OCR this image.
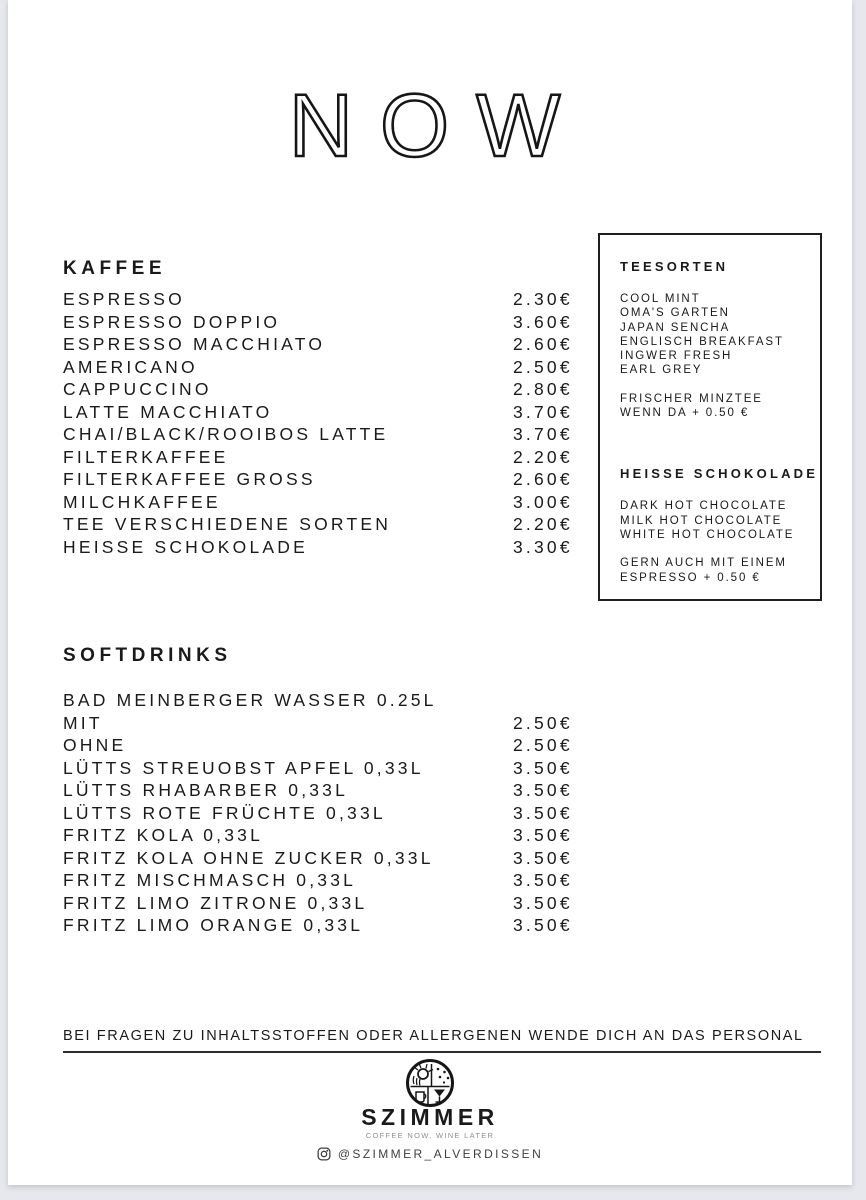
NOW
KAFFEE
ESPRESSO	2.30€
ESPRESSO DOPPIO	3.60€
ESPRESSO MACCHIATO	2.60€
AMERICANO	2.50€
CAPPUCCINO	2.80€
LATTE MACCHIATO	3.70€
CHAI/BLACK/ROOIBOS LATTE	3.70€
FILTERKAFFEE	2.20€
FILTERKAFFEE GROSS	2.60€
MILCHKAFFEE	3.00€
TEE VERSCHIEDENE SORTEN	2.20€
HEISSE SCHOKOLADE	3.30€
TEESORTEN
COOL MINT
OMA'S GARTEN
JAPAN SENCHA
ENGLISCH BREAKFAST
INGWER FRESH
EARL GREY
FRISCHER MINZTEE
WENN DA + 0.50 €
HEISSE SCHOKOLADE
DARK HOT CHOCOLATE
MILK HOT CHOCOLATE
WHITE HOT CHOCOLATE
GERN AUCH MIT EINEM
ESPRESSO + 0.50 €
SOFTDRINKS
BAD MEINBERGER WASSER 0.25L
MIT	2.50€
OHNE	2.50€
LÜTTS STREUOBST APFEL 0,33L	3.50€
LÜTTS RHABARBER 0,33L	3.50€
LÜTTS ROTE FRÜCHTE 0,33L	3.50€
FRITZ KOLA 0,33L	3.50€
FRITZ KOLA OHNE ZUCKER 0,33L	3.50€
FRITZ MISCHMASCH 0,33L	3.50€
FRITZ LIMO ZITRONE 0,33L	3.50€
FRITZ LIMO ORANGE 0,33L	3.50€
BEI FRAGEN ZU INHALTSSTOFFEN ODER ALLERGENEN WENDE DICH AN DAS PERSONAL
SZIMMER
COFFEE NOW, WINE LATER
@SZIMMER_ALVERDISSEN
